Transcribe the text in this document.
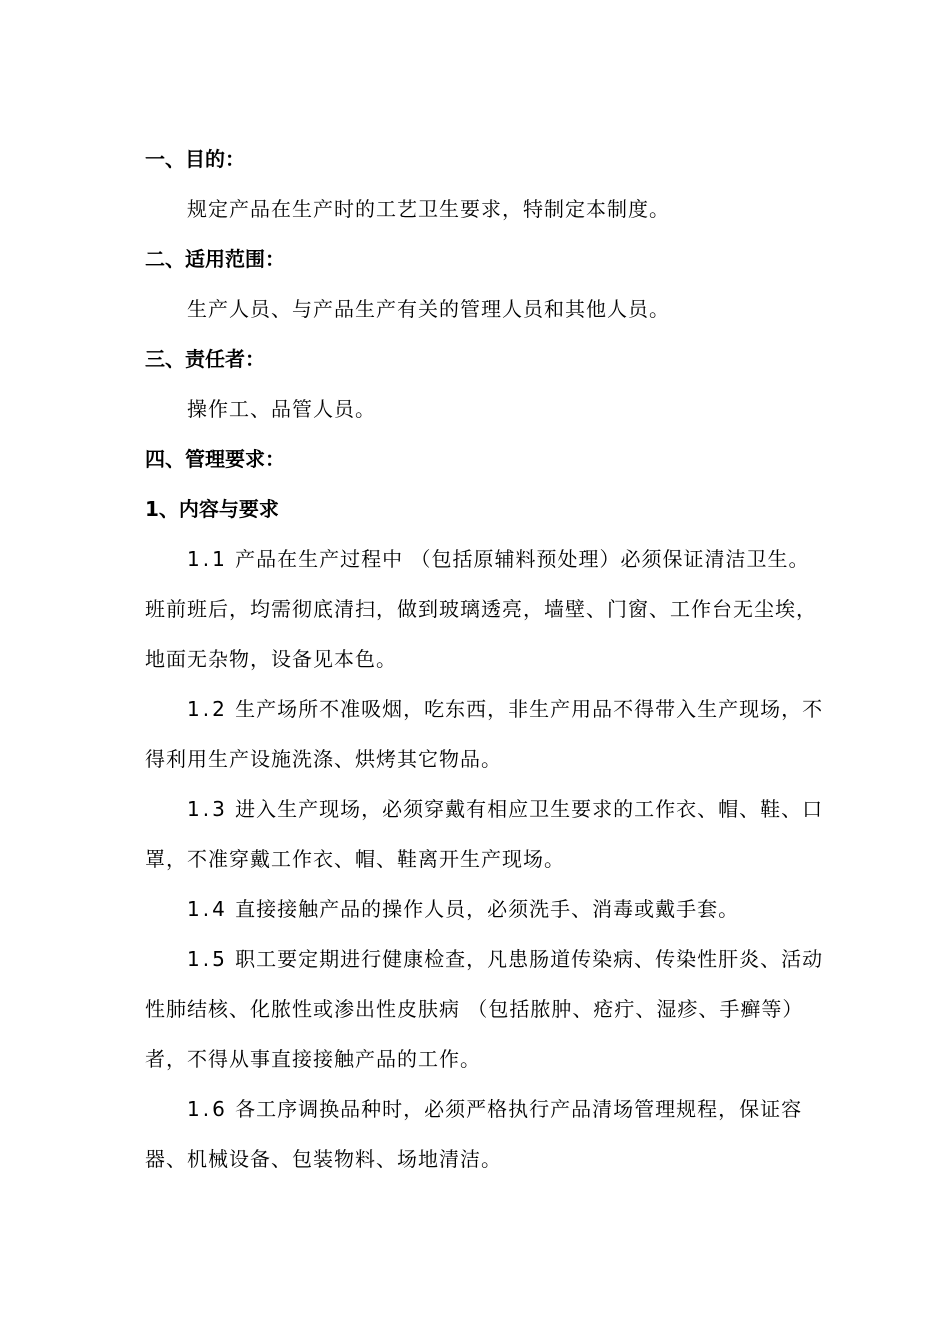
一、目的：

规定产品在生产时的工艺卫生要求，特制定本制度。

二、适用范围：

生产人员、与产品生产有关的管理人员和其他人员。

三、责任者：

操作工、品管人员。

四、管理要求：

1、内容与要求

1.1 产品在生产过程中 （包括原辅料预处理）必须保证清洁卫生。班前班后，均需彻底清扫，做到玻璃透亮，墙壁、门窗、工作台无尘埃，地面无杂物，设备见本色。

1.2 生产场所不准吸烟，吃东西，非生产用品不得带入生产现场，不得利用生产设施洗涤、烘烤其它物品。

1.3 进入生产现场，必须穿戴有相应卫生要求的工作衣、帽、鞋、口罩，不准穿戴工作衣、帽、鞋离开生产现场。

1.4 直接接触产品的操作人员，必须洗手、消毒或戴手套。

1.5 职工要定期进行健康检查，凡患肠道传染病、传染性肝炎、活动性肺结核、化脓性或渗出性皮肤病 （包括脓肿、疮疔、湿疹、手癣等）者，不得从事直接接触产品的工作。

1.6 各工序调换品种时，必须严格执行产品清场管理规程，保证容器、机械设备、包装物料、场地清洁。
